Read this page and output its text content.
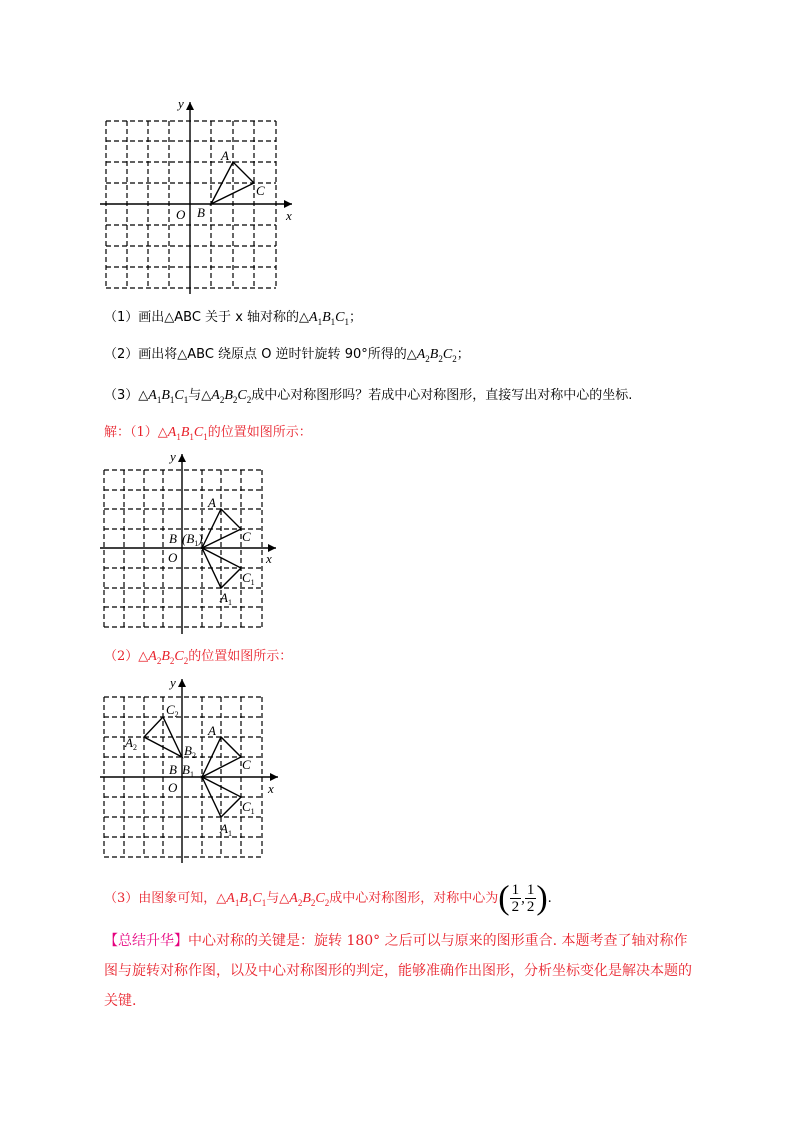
x
y
O B
A
C
（1）画出△ABC 关于 x 轴对称的$\triangle A_1B_1C_1$；
（2）画出将△ABC 绕原点 O 逆时针旋转 90°所得的$\triangle A_2B_2C_2$；
$(3)\triangle A_1B_1C_1$与$\triangle A_2B_2C_2$成中心对称图形吗？若成中心对称图形，直接写出对称中心的坐标.
解：$(1)\triangle A_1B_1C_1$的位置如图所示：
x
y
O
B $(B_1)$
A
C
$C_1$
$A_1$
$(2)\triangle A_2B_2C_2$的位置如图所示：
x
y
O
B $B_1$
$B_2$
A
C
$C_1$
$A_1$
$C_2$
$A_2$
（3）由图象可知，$\triangle A_1B_1C_1$与$\triangle A_2B_2C_2$成中心对称图形，对称中心为( $\frac{1}{2}$ , $\frac{1}{2}$ ).
【总结升华】中心对称的关键是：旋转 180° 之后可以与原来的图形重合. 本题考查了轴对称作图与旋转对称作图，以及中心对称图形的判定，能够准确作出图形，分析坐标变化是解决本题的关键.
